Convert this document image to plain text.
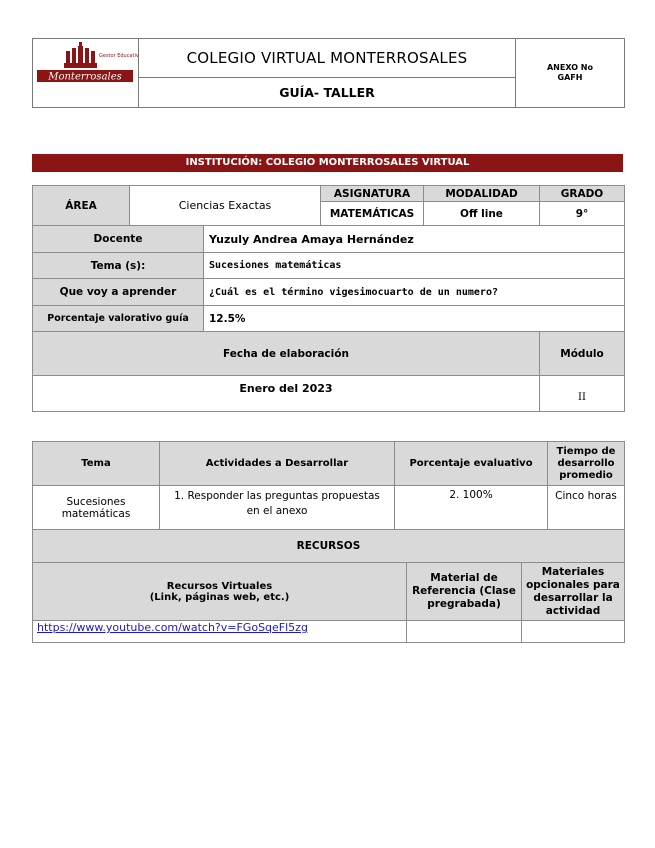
Gestor Educativo
Monterrosales
	COLEGIO VIRTUAL MONTERROSALES	
ANEXO No
GAFH

GUÍA- TALLER
INSTITUCIÓN: COLEGIO MONTERROSALES VIRTUAL
ÁREA	Ciencias Exactas		ASIGNATURA	MODALIDAD	GRADO
			MATEMÁTICAS	Off line	9°
Docente		Yuzuly Andrea Amaya Hernández			
Tema (s):		Sucesiones matemáticas			
Que voy a aprender		¿Cuál es el término vigesimocuarto de un numero?			
Porcentaje valorativo guía		12.5%			
Fecha de elaboración					Módulo
Enero del 2023					II
Tema	Actividades a Desarrollar	Porcentaje evaluativo	Tiempo de desarrollo promedio
Sucesiones matemáticas	1. Responder las preguntas propuestas en el anexo	2. 100%	Cinco horas
RECURSOS		

Recursos Virtuales
(Link, páginas web, etc.)	Material de Referencia (Clase pregrabada)	Materiales opcionales para desarrollar la actividad
https://www.youtube.com/watch?v=FGoSqeFl5zg		
